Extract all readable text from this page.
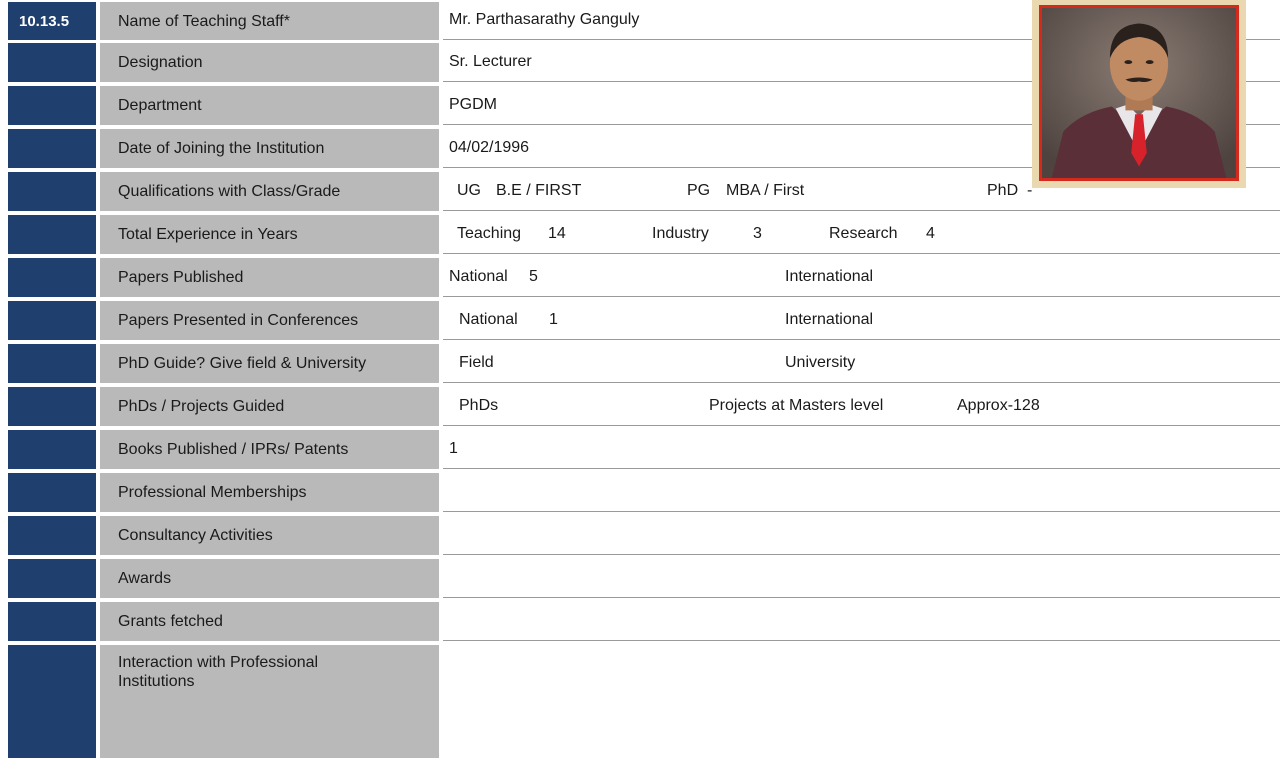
10.13.5	Name of Teaching Staff*	Mr. Parthasarathy Ganguly
Designation	Sr. Lecturer
Department	PGDM
Date of Joining the Institution	04/02/1996
Qualifications with Class/Grade	UG B.E / FIRST	PG MBA / First	PhD -
Total Experience in Years	Teaching 14	Industry	3	Research 4
Papers Published	National 5	International
Papers Presented in Conferences	National 1	International
PhD Guide? Give field & University	Field	University
PhDs / Projects Guided	PhDs	Projects at Masters level	Approx-128
Books Published / IPRs/ Patents	1
Professional Memberships
Consultancy Activities
Awards
Grants fetched
Interaction with Professional Institutions
